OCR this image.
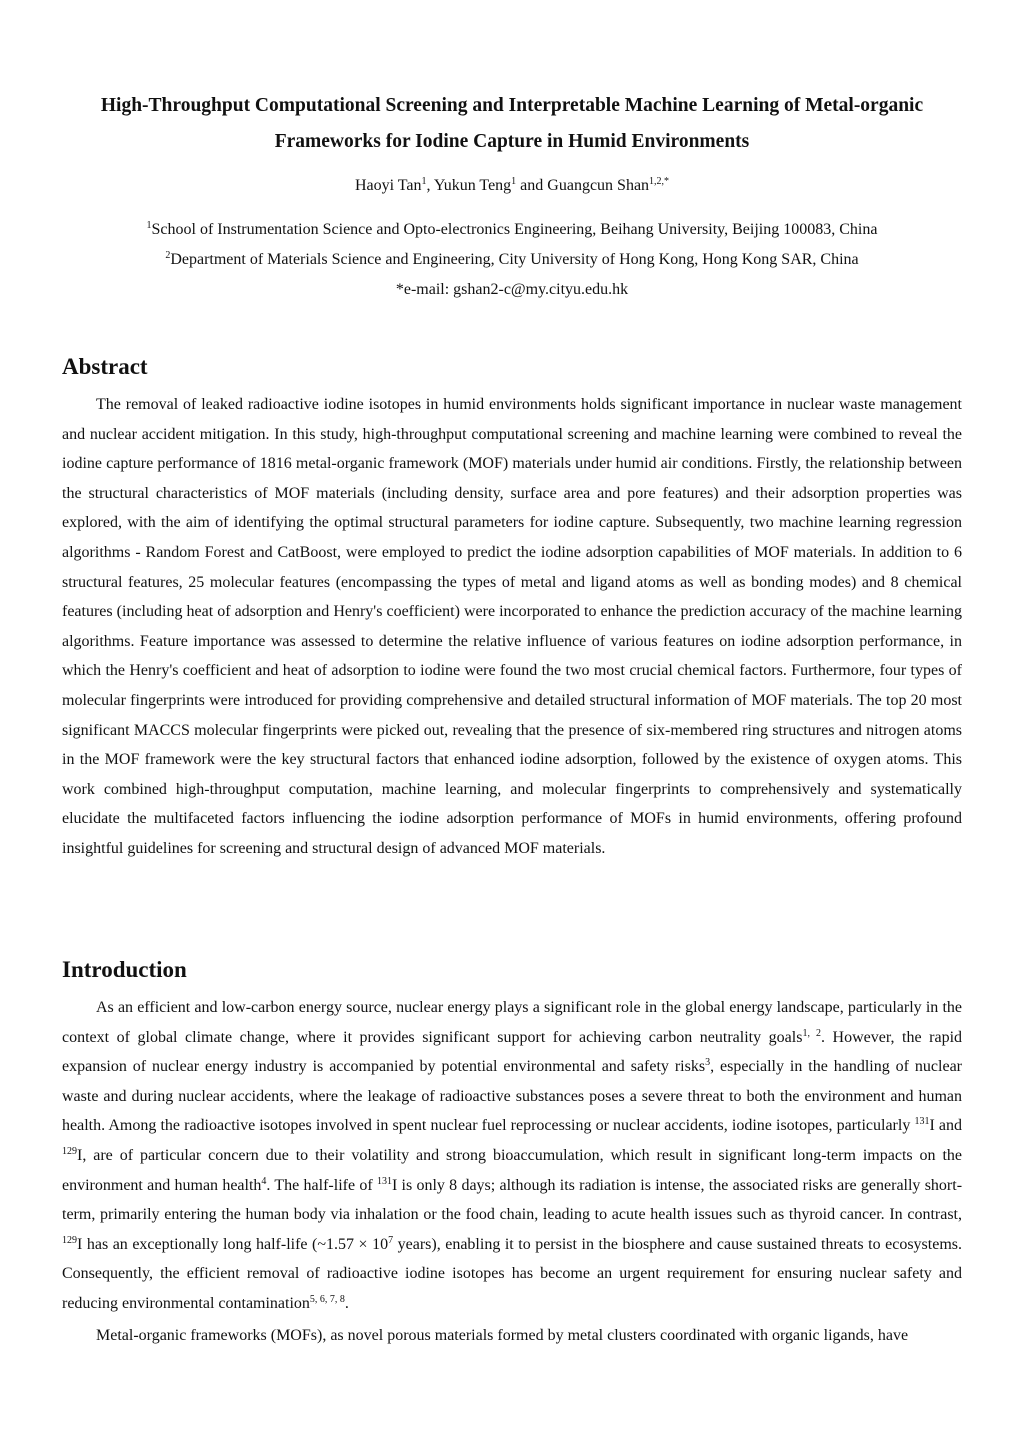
High-Throughput Computational Screening and Interpretable Machine Learning of Metal-organic
Frameworks for Iodine Capture in Humid Environments
Haoyi Tan$^1$, Yukun Teng$^1$ and Guangcun Shan$^{1,2,*}$
$^1$School of Instrumentation Science and Opto-electronics Engineering, Beihang University, Beijing 100083, China
$^2$Department of Materials Science and Engineering, City University of Hong Kong, Hong Kong SAR, China
*e-mail: gshan2-c@my.cityu.edu.hk
Abstract

The removal of leaked radioactive iodine isotopes in humid environments holds significant importance in nuclear waste management and nuclear accident mitigation. In this study, high-throughput computational screening and machine learning were combined to reveal the iodine capture performance of 1816 metal-organic framework (MOF) materials under humid air conditions. Firstly, the relationship between the structural characteristics of MOF materials (including density, surface area and pore features) and their adsorption properties was explored, with the aim of identifying the optimal structural parameters for iodine capture. Subsequently, two machine learning regression algorithms - Random Forest and CatBoost, were employed to predict the iodine adsorption capabilities of MOF materials. In addition to 6 structural features, 25 molecular features (encompassing the types of metal and ligand atoms as well as bonding modes) and 8 chemical features (including heat of adsorption and Henry's coefficient) were incorporated to enhance the prediction accuracy of the machine learning algorithms. Feature importance was assessed to determine the relative influence of various features on iodine adsorption performance, in which the Henry's coefficient and heat of adsorption to iodine were found the two most crucial chemical factors. Furthermore, four types of molecular fingerprints were introduced for providing comprehensive and detailed structural information of MOF materials. The top 20 most significant MACCS molecular fingerprints were picked out, revealing that the presence of six-membered ring structures and nitrogen atoms in the MOF framework were the key structural factors that enhanced iodine adsorption, followed by the existence of oxygen atoms. This work combined high-throughput computation, machine learning, and molecular fingerprints to comprehensively and systematically elucidate the multifaceted factors influencing the iodine adsorption performance of MOFs in humid environments, offering profound insightful guidelines for screening and structural design of advanced MOF materials.

Introduction

As an efficient and low-carbon energy source, nuclear energy plays a significant role in the global energy landscape, particularly in the context of global climate change, where it provides significant support for achieving carbon neutrality goals$^{1, 2}$. However, the rapid expansion of nuclear energy industry is accompanied by potential environmental and safety risks$^3$, especially in the handling of nuclear waste and during nuclear accidents, where the leakage of radioactive substances poses a severe threat to both the environment and human health. Among the radioactive isotopes involved in spent nuclear fuel reprocessing or nuclear accidents, iodine isotopes, particularly $^{131}$I and $^{129}$I, are of particular concern due to their volatility and strong bioaccumulation, which result in significant long-term impacts on the environment and human health$^4$. The half-life of $^{131}$I is only 8 days; although its radiation is intense, the associated risks are generally short-term, primarily entering the human body via inhalation or the food chain, leading to acute health issues such as thyroid cancer. In contrast, $^{129}$I has an exceptionally long half-life (~1.57 × $10^7$ years), enabling it to persist in the biosphere and cause sustained threats to ecosystems. Consequently, the efficient removal of radioactive iodine isotopes has become an urgent requirement for ensuring nuclear safety and reducing environmental contamination$^{5, 6, 7, 8}$.

Metal-organic frameworks (MOFs), as novel porous materials formed by metal clusters coordinated with organic ligands, have
